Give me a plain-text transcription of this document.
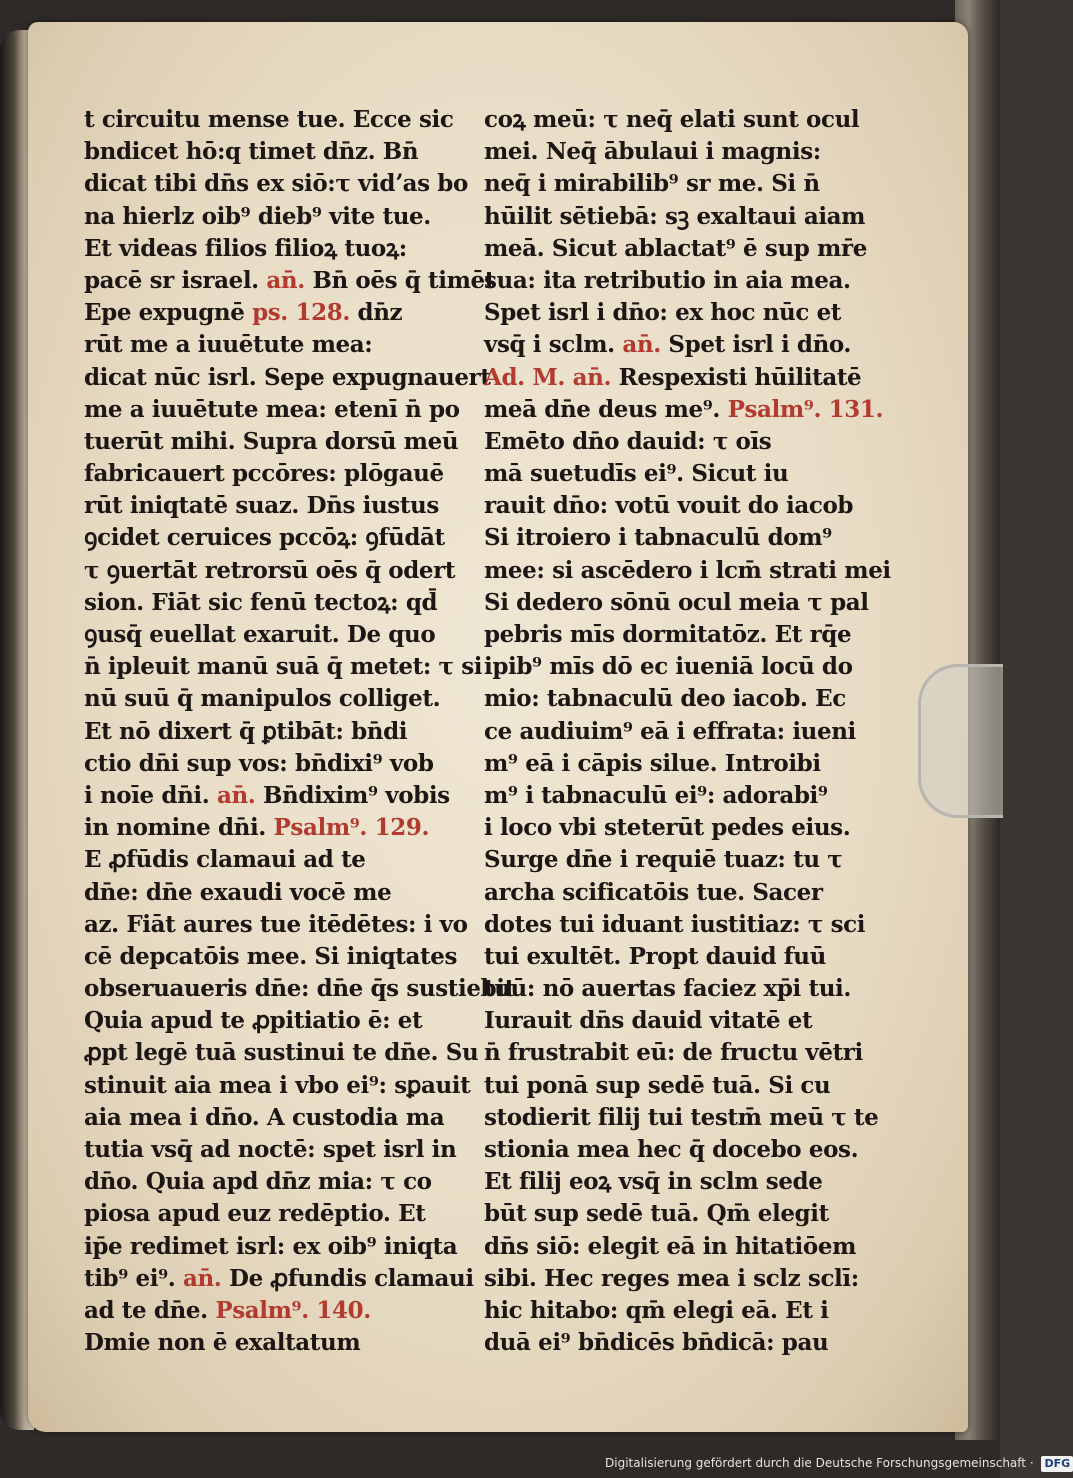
t circuitu mense tue. Ecce sic
bndicet hō:q timet dn̄z. Bn̄
dicat tibi dn̄s ex siō:τ vidʼas bo
na hierlz oib⁹ dieb⁹ vite tue.
Et videas filios filioꝝ tuoꝝ:
pacē sr israel. an̄. Bn̄ oēs q̄ timēt
Epe expugnē ps. 128. dn̄z
rūt me a iuuētute mea:
dicat nūc isrl. Sepe expugnauert
me a iuuētute mea: etenī n̄ po
tuerūt mihi. Supra dorsū meū
fabricauert pccōres: plōgauē
rūt iniqtatē suaz. Dn̄s iustus
ꝯcidet ceruices pccōꝝ: ꝯfūdāt
τ ꝯuertāt retrorsū oēs q̄ odert
sion. Fiāt sic fenū tectoꝝ: qd̄
ꝯusq̄ euellat exaruit. De quo
n̄ ipleuit manū suā q̄ metet: τ si
nū suū q̄ manipulos colliget.
Et nō dixert q̄ ꝑtibāt: bn̄di
ctio dn̄i sup vos: bn̄dixi⁹ vob
i noīe dn̄i. an̄. Bn̄dixim⁹ vobis
in nomine dn̄i. Psalm⁹. 129.
E ꝓfūdis clamaui ad te
dn̄e: dn̄e exaudi vocē me
az. Fiāt aures tue itēdētes: i vo
cē depcatōis mee. Si iniqtates
obseruaueris dn̄e: dn̄e q̄s sustiebit
Quia apud te ꝓpitiatio ē: et
ꝓpt legē tuā sustinui te dn̄e. Su
stinuit aia mea i vbo ei⁹: sꝑauit
aia mea i dn̄o. A custodia ma
tutia vsq̄ ad noctē: spet isrl in
dn̄o. Quia apd dn̄z mia: τ co
piosa apud euz redēptio. Et
ip̄e redimet isrl: ex oib⁹ iniqta
tib⁹ ei⁹. an̄. De ꝓfundis clamaui
ad te dn̄e. Psalm⁹. 140.
Dmie non ē exaltatum
coꝝ meū: τ neq̄ elati sunt ocul
mei. Neq̄ ābulaui i magnis:
neq̄ i mirabilib⁹ sr me. Si n̄
hūilit sētiebā: sꝫ exaltaui aiam
meā. Sicut ablactat⁹ ē sup mr̄e
sua: ita retributio in aia mea.
Spet isrl i dn̄o: ex hoc nūc et
vsq̄ i sclm. an̄. Spet isrl i dn̄o.
Ad. M. an̄. Respexisti hūilitatē
meā dn̄e deus me⁹. Psalm⁹. 131.
Emēto dn̄o dauid: τ oīs
mā suetudīs ei⁹. Sicut iu
rauit dn̄o: votū vouit do iacob
Si itroiero i tabnaculū dom⁹
mee: si ascēdero i lcm̄ strati mei
Si dedero sōnū ocul meia τ pal
pebris mīs dormitatōz. Et rq̄e
ipib⁹ mīs dō ec iueniā locū do
mio: tabnaculū deo iacob. Ec
ce audiuim⁹ eā i effrata: iueni
m⁹ eā i cāpis silue. Introibi
m⁹ i tabnaculū ei⁹: adorabi⁹
i loco vbi steterūt pedes eius.
Surge dn̄e i requiē tuaz: tu τ
archa scificatōis tue. Sacer
dotes tui iduant iustitiaz: τ sci
tui exultēt. Propt dauid fuū
tuū: nō auertas faciez xp̄i tui.
Iurauit dn̄s dauid vitatē et
n̄ frustrabit eū: de fructu vētri
tui ponā sup sedē tuā. Si cu
stodierit filij tui testm̄ meū τ te
stionia mea hec q̄ docebo eos.
Et filij eoꝝ vsq̄ in sclm sede
būt sup sedē tuā. Qm̄ elegit
dn̄s siō: elegit eā in hitatiōem
sibi. Hec reges mea i sclz sclī:
hic hitabo: qm̄ elegi eā. Et i
duā ei⁹ bn̄dicēs bn̄dicā: pau
Digitalisierung gefördert durch die Deutsche Forschungsgemeinschaft · DFG
